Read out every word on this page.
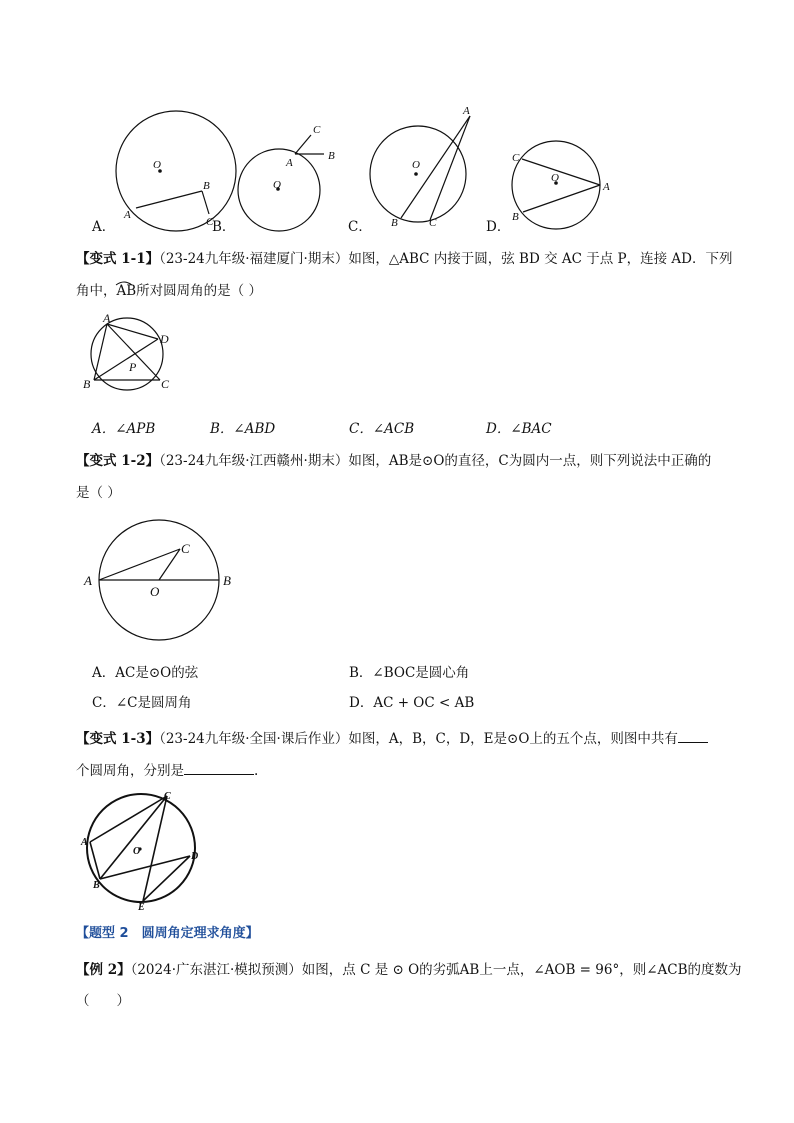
O
A
B
C
O
A
B
C
O
A
B	C
O
A
B
C
A．	B．	C．	D．
【变式 1-1】（23-24九年级·福建厦门·期末）如图，△ABC 内接于圆，弦 BD 交 AC 于点 P，连接 AD．下列
角中，AB所对圆周角的是（ ）
A
B	C
D
P
A．∠APB	B．∠ABD	C．∠ACB	D．∠BAC
【变式 1-2】（23-24九年级·江西赣州·期末）如图，AB是⊙O的直径，C为圆内一点，则下列说法中正确的
是（ ）
A	B
C
O
A．AC是⊙O的弦	B．∠BOC是圆心角
C．∠C是圆周角	D．AC + OC < AB
【变式 1-3】（23-24九年级·全国·课后作业）如图，A，B，C，D，E是⊙O上的五个点，则图中共有
个圆周角，分别是	.
A
B
C
D
E
O
【题型 2　圆周角定理求角度】
【例 2】（2024·广东湛江·模拟预测）如图，点 C 是 ⊙ O的劣弧AB上一点，∠AOB = 96°，则∠ACB的度数为
（　　）
